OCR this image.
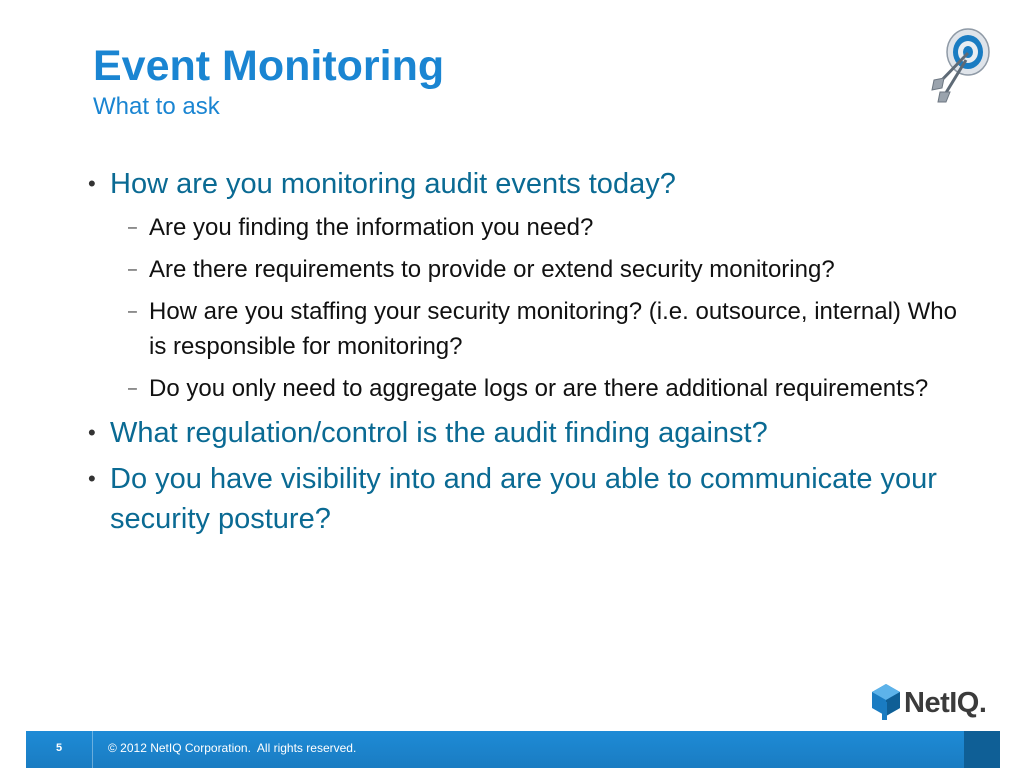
Event Monitoring
What to ask
• How are you monitoring audit events today?
– Are you finding the information you need?
– Are there requirements to provide or extend security monitoring?
– How are you staffing your security monitoring? (i.e. outsource, internal) Who is responsible for monitoring?
– Do you only need to aggregate logs or are there additional requirements?
• What regulation/control is the audit finding against?
• Do you have visibility into and are you able to communicate your security posture?
NetIQ.
5	© 2012 NetIQ Corporation.  All rights reserved.
